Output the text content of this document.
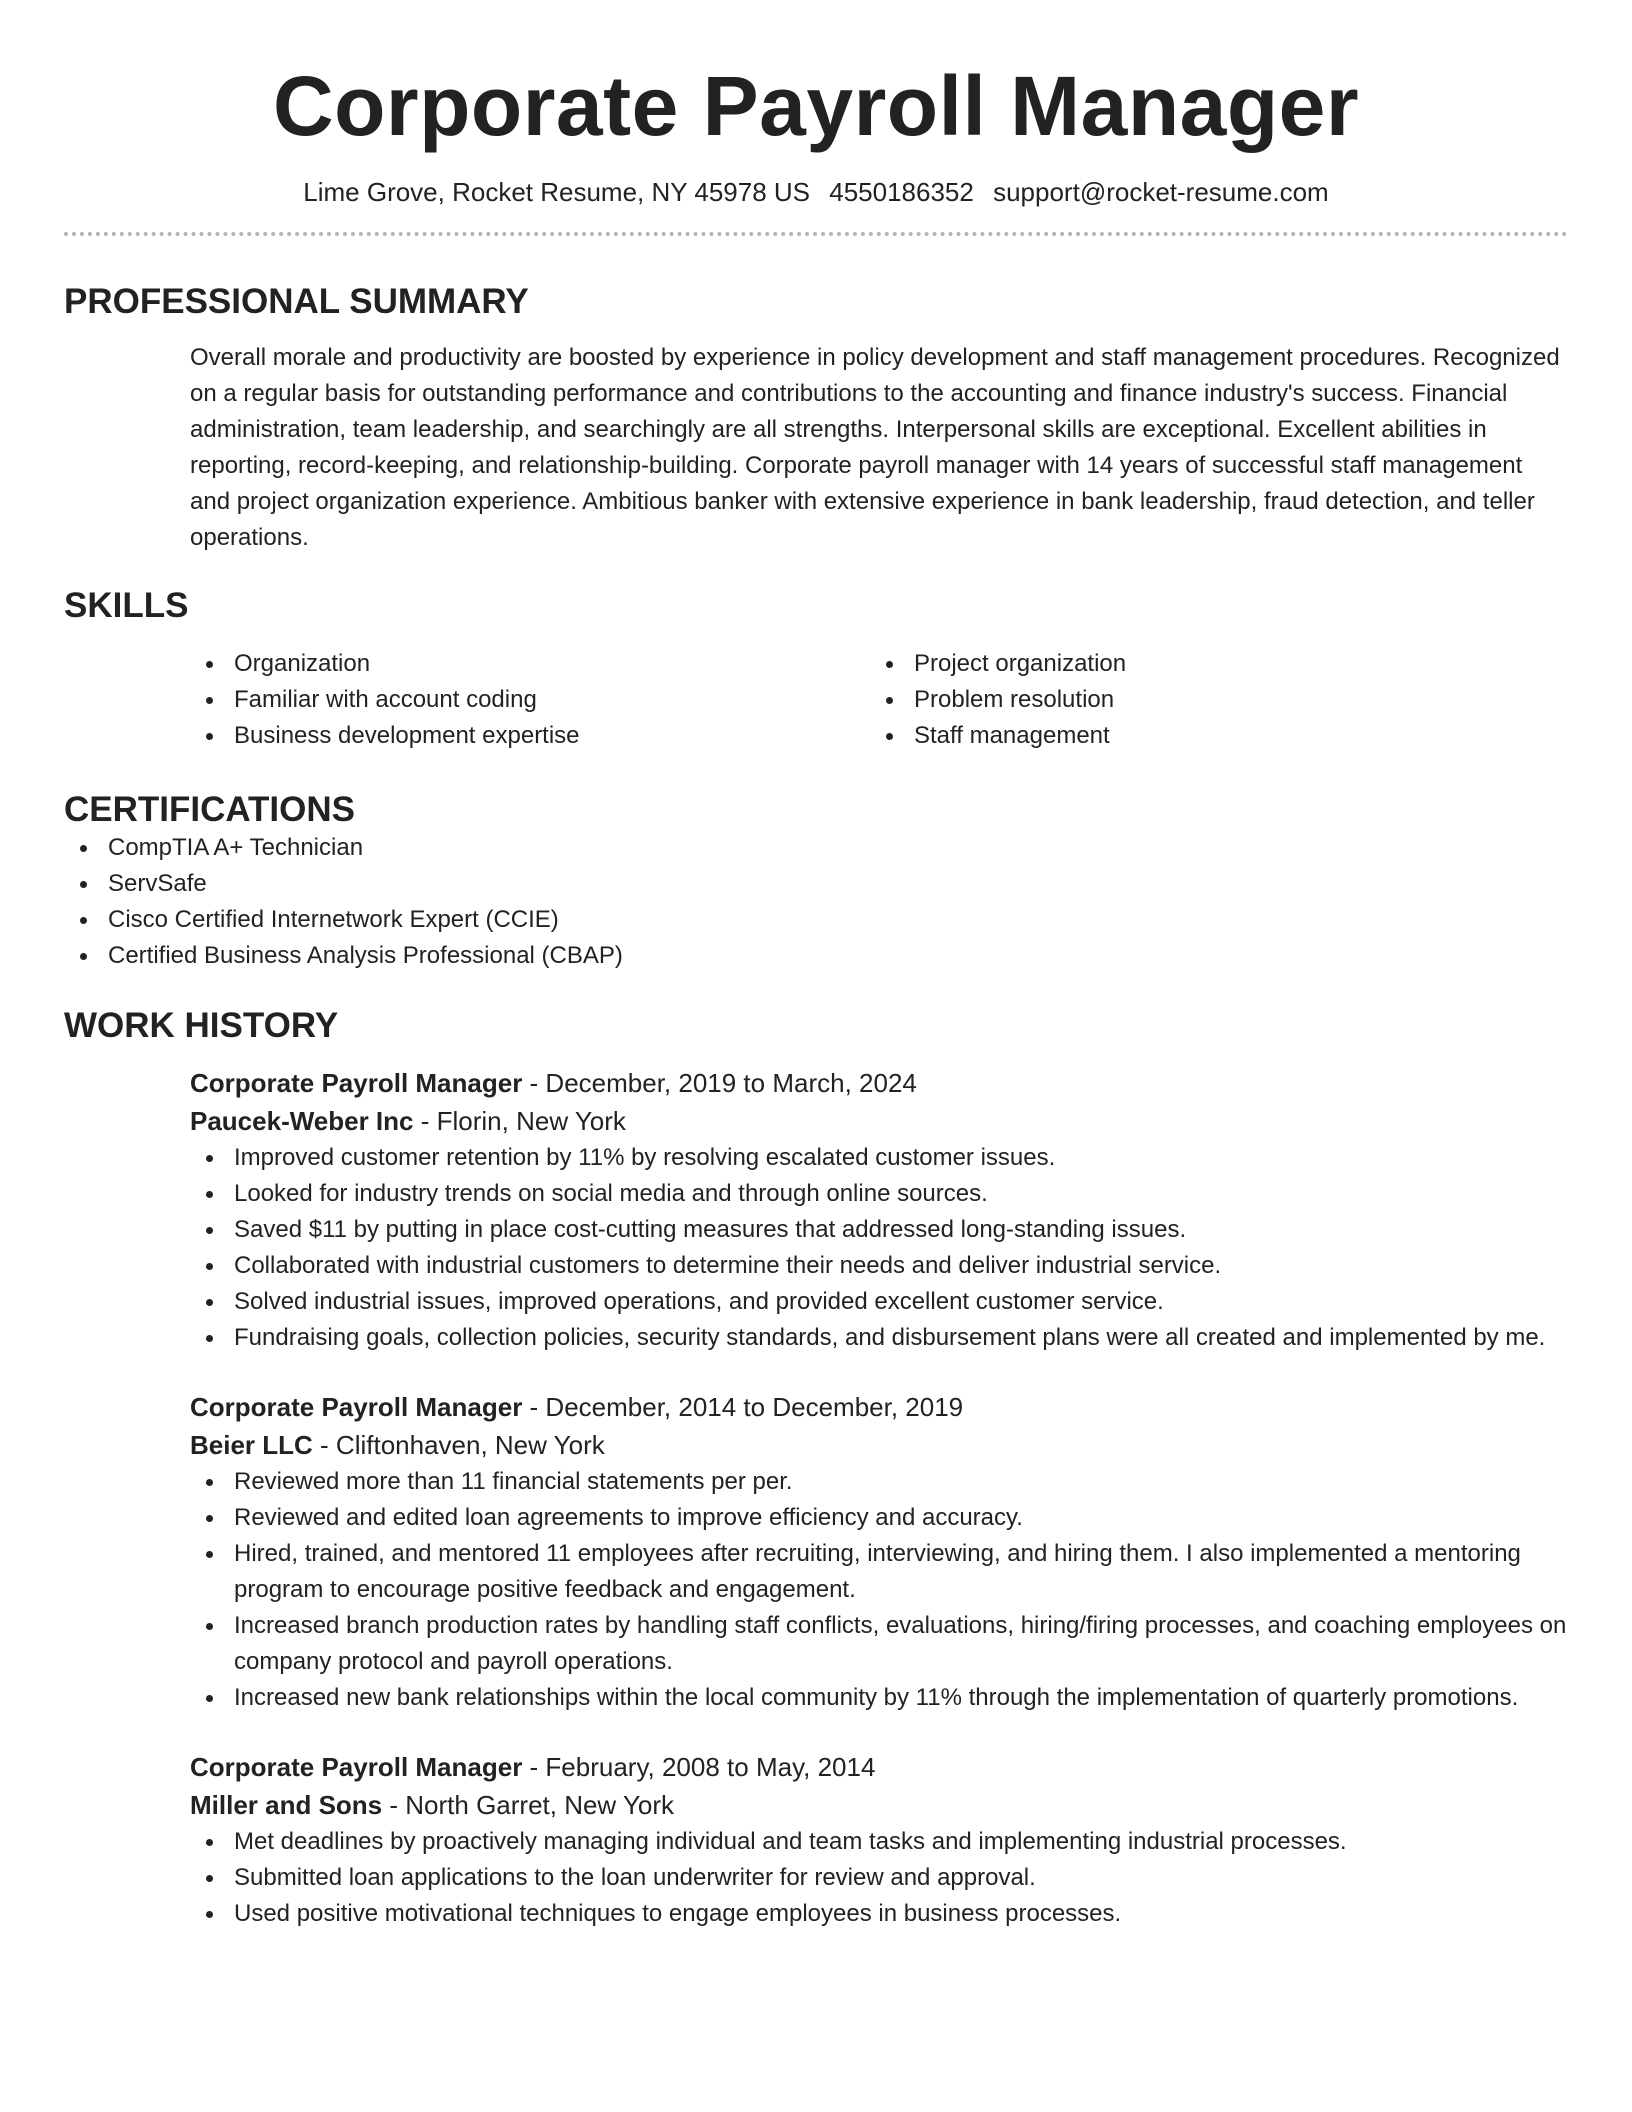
Corporate Payroll Manager
Lime Grove, Rocket Resume, NY 45978 US 4550186352 support@rocket-resume.com
PROFESSIONAL SUMMARY
Overall morale and productivity are boosted by experience in policy development and staff management procedures. Recognized on a regular basis for outstanding performance and contributions to the accounting and finance industry's success. Financial administration, team leadership, and searchingly are all strengths. Interpersonal skills are exceptional. Excellent abilities in reporting, record-keeping, and relationship-building. Corporate payroll manager with 14 years of successful staff management and project organization experience. Ambitious banker with extensive experience in bank leadership, fraud detection, and teller operations.
SKILLS
Organization
Familiar with account coding
Business development expertise
Project organization
Problem resolution
Staff management
CERTIFICATIONS
CompTIA A+ Technician
ServSafe
Cisco Certified Internetwork Expert (CCIE)
Certified Business Analysis Professional (CBAP)
WORK HISTORY
Corporate Payroll Manager - December, 2019 to March, 2024
Paucek-Weber Inc - Florin, New York
Improved customer retention by 11% by resolving escalated customer issues.
Looked for industry trends on social media and through online sources.
Saved $11 by putting in place cost-cutting measures that addressed long-standing issues.
Collaborated with industrial customers to determine their needs and deliver industrial service.
Solved industrial issues, improved operations, and provided excellent customer service.
Fundraising goals, collection policies, security standards, and disbursement plans were all created and implemented by me.
Corporate Payroll Manager - December, 2014 to December, 2019
Beier LLC - Cliftonhaven, New York
Reviewed more than 11 financial statements per per.
Reviewed and edited loan agreements to improve efficiency and accuracy.
Hired, trained, and mentored 11 employees after recruiting, interviewing, and hiring them. I also implemented a mentoring program to encourage positive feedback and engagement.
Increased branch production rates by handling staff conflicts, evaluations, hiring/firing processes, and coaching employees on company protocol and payroll operations.
Increased new bank relationships within the local community by 11% through the implementation of quarterly promotions.
Corporate Payroll Manager - February, 2008 to May, 2014
Miller and Sons - North Garret, New York
Met deadlines by proactively managing individual and team tasks and implementing industrial processes.
Submitted loan applications to the loan underwriter for review and approval.
Used positive motivational techniques to engage employees in business processes.
